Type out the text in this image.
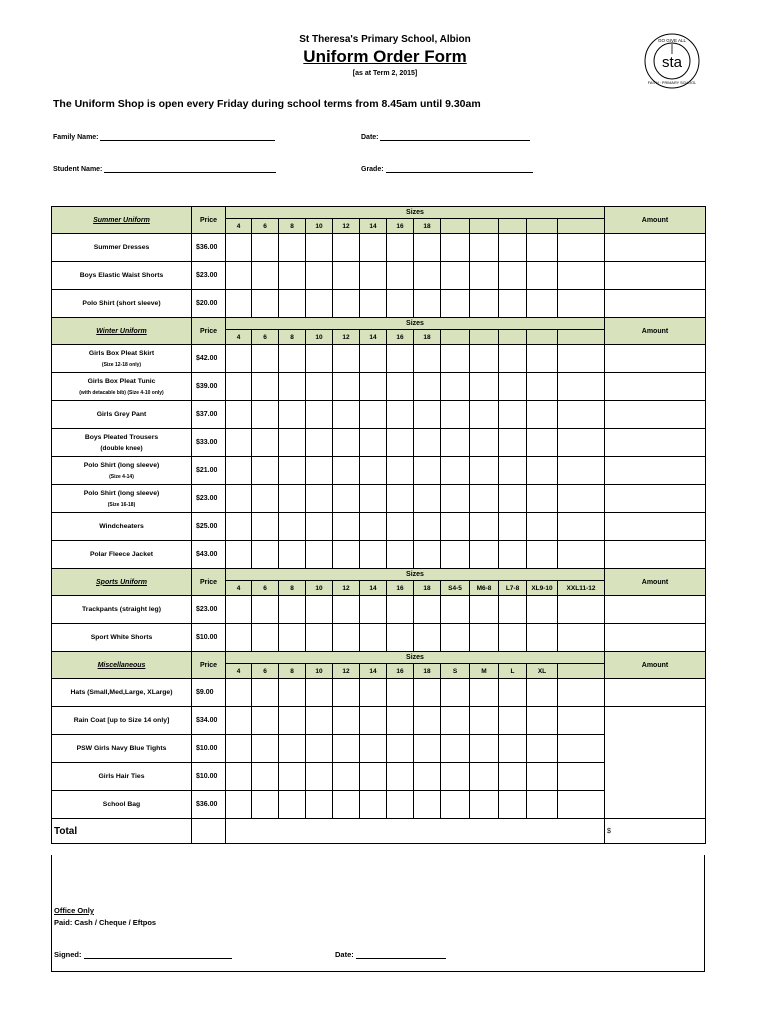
St Theresa's Primary School, Albion
Uniform Order Form
[as at Term 2, 2015]
GO GIVE ALL
FAITH · PRIMARY SCHOOL
sta
The Uniform Shop is open every Friday during school terms from 8.45am until 9.30am
Family Name:	Date:
Student Name:	Grade:
Summer Uniform	Price	Sizes													Amount
		4	6	8	10	12	14	16	18						
Summer Dresses	$36.00														
Boys Elastic Waist Shorts	$23.00														
Polo Shirt (short sleeve)	$20.00														
Winter Uniform	Price	Sizes													Amount
		4	6	8	10	12	14	16	18						
Girls Box Pleat Skirt
(Size 12-18 only)	$42.00														
Girls Box Pleat Tunic
(with detacable bib) (Size 4-10 only)	$39.00														
Girls Grey Pant	$37.00														
Boys Pleated Trousers
(double knee)	$33.00														
Polo Shirt (long sleeve)
(Size 4-14)	$21.00														
Polo Shirt (long sleeve)
(Size 16-18)	$23.00														
Windcheaters	$25.00														
Polar Fleece Jacket	$43.00														
Sports Uniform	Price	Sizes													Amount
		4	6	8	10	12	14	16	18	S4-5	M6-8	L7-8	XL9-10	XXL11-12	
Trackpants (straight leg)	$23.00														
Sport White Shorts	$10.00														
Miscellaneous	Price	Sizes													Amount
		4	6	8	10	12	14	16	18	S	M	L	XL		
Hats (Small,Med,Large, XLarge)	$9.00														
Rain Coat [up to Size 14 only]	$34.00														
PSW Girls Navy Blue Tights	$10.00														
Girls Hair Ties	$10.00														
School Bag	$36.00														
Total															$
Office Only
Paid: Cash / Cheque / Eftpos
Signed:	Date:
